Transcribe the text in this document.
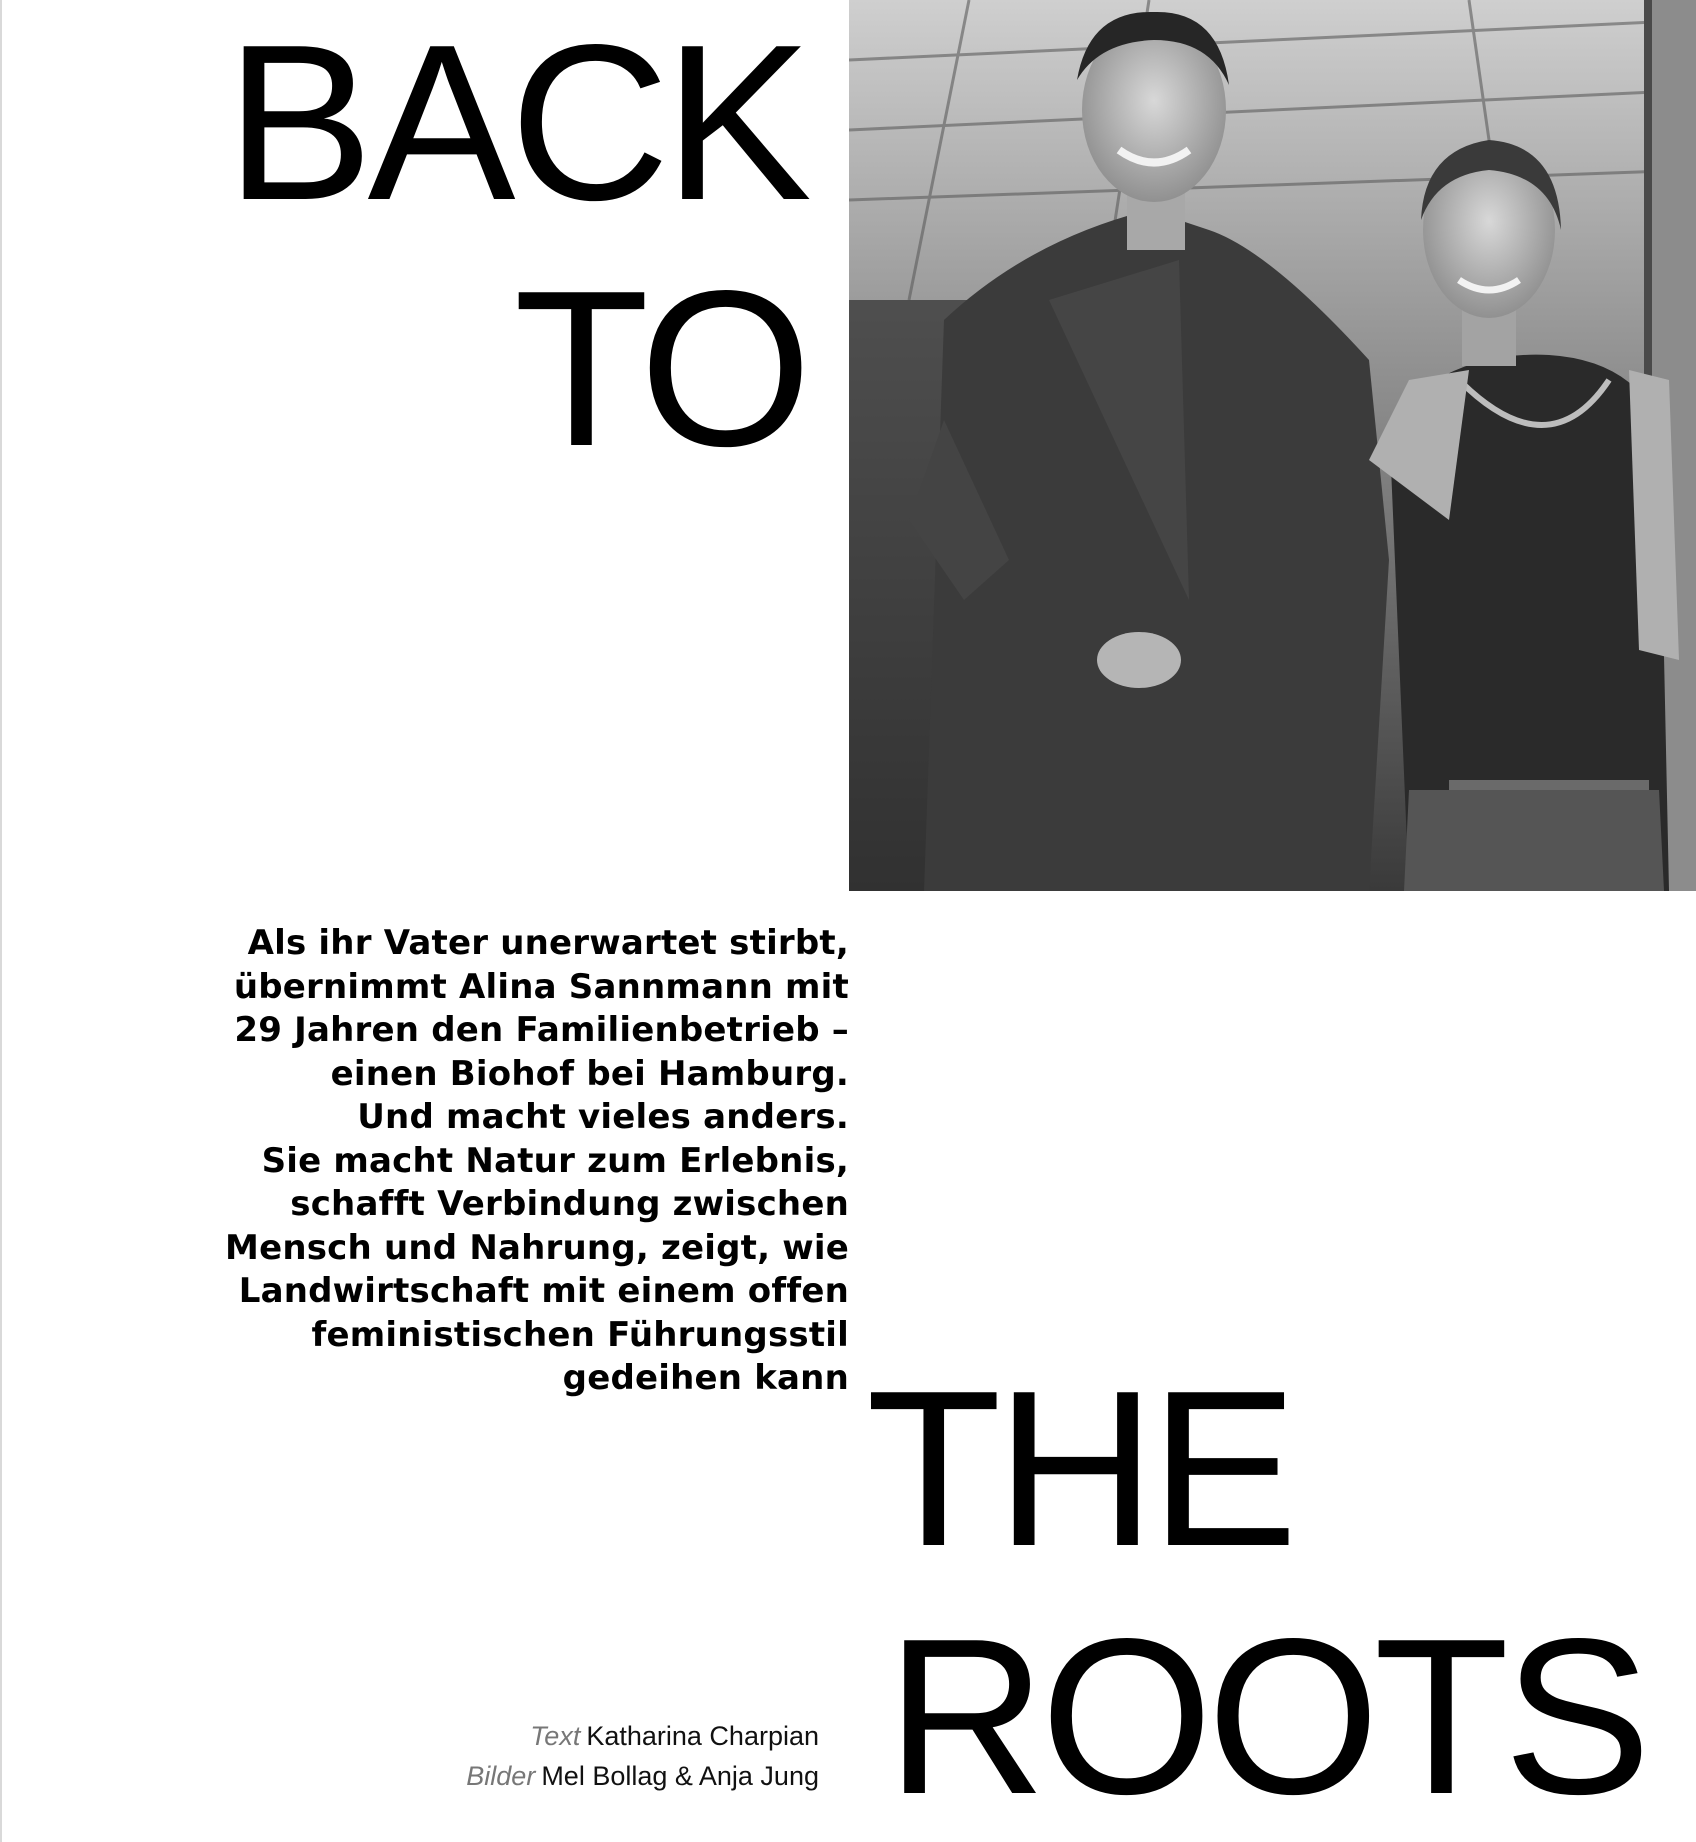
BACK
TO

Als ihr Vater unerwartet stirbt,
übernimmt Alina Sannmann mit
29 Jahren den Familienbetrieb –
einen Biohof bei Hamburg.
Und macht vieles anders.
Sie macht Natur zum Erlebnis,
schafft Verbindung zwischen
Mensch und Nahrung, zeigt, wie
Landwirtschaft mit einem offen
feministischen Führungsstil
gedeihen kann THE
ROOTS
Text Katharina Charpian
Bilder Mel Bollag & Anja Jung
